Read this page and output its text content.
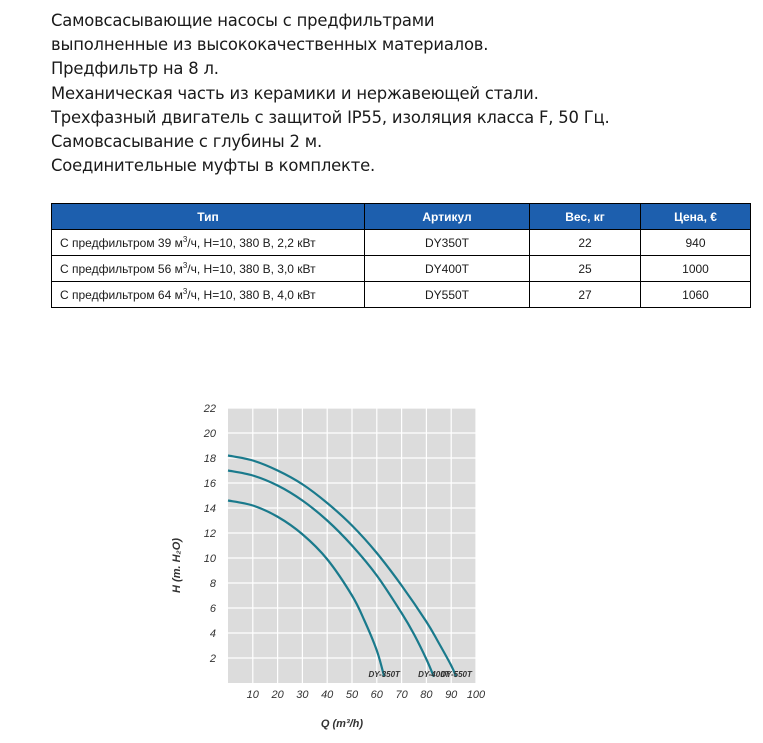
Самовсасывающие насосы с предфильтрами
выполненные из высококачественных материалов.
Предфильтр на 8 л.
Механическая часть из керамики и нержавеющей стали.
Трехфазный двигатель с защитой IP55, изоляция класса F, 50 Гц.
Самовсасывание с глубины 2 м.
Соединительные муфты в комплекте.
Тип	Артикул	Вес, кг	Цена, €
С предфильтром 39 $м^3/ч$, H=10, 380 В, 2,2 кВт	DY350T	22	940
С предфильтром 56 $м^3/ч$, H=10, 380 В, 3,0 кВт	DY400T	25	1000
С предфильтром 64 $м^3/ч$, H=10, 380 В, 4,0 кВт	DY550T	27	1060
2
4
6
8
10
12
14
16
18
20
22
10 20 30 40 50 60 70 80 90 100
DY-350T DY-400T
DY-550T
H (m. H₂O)
Q (m³/h)
